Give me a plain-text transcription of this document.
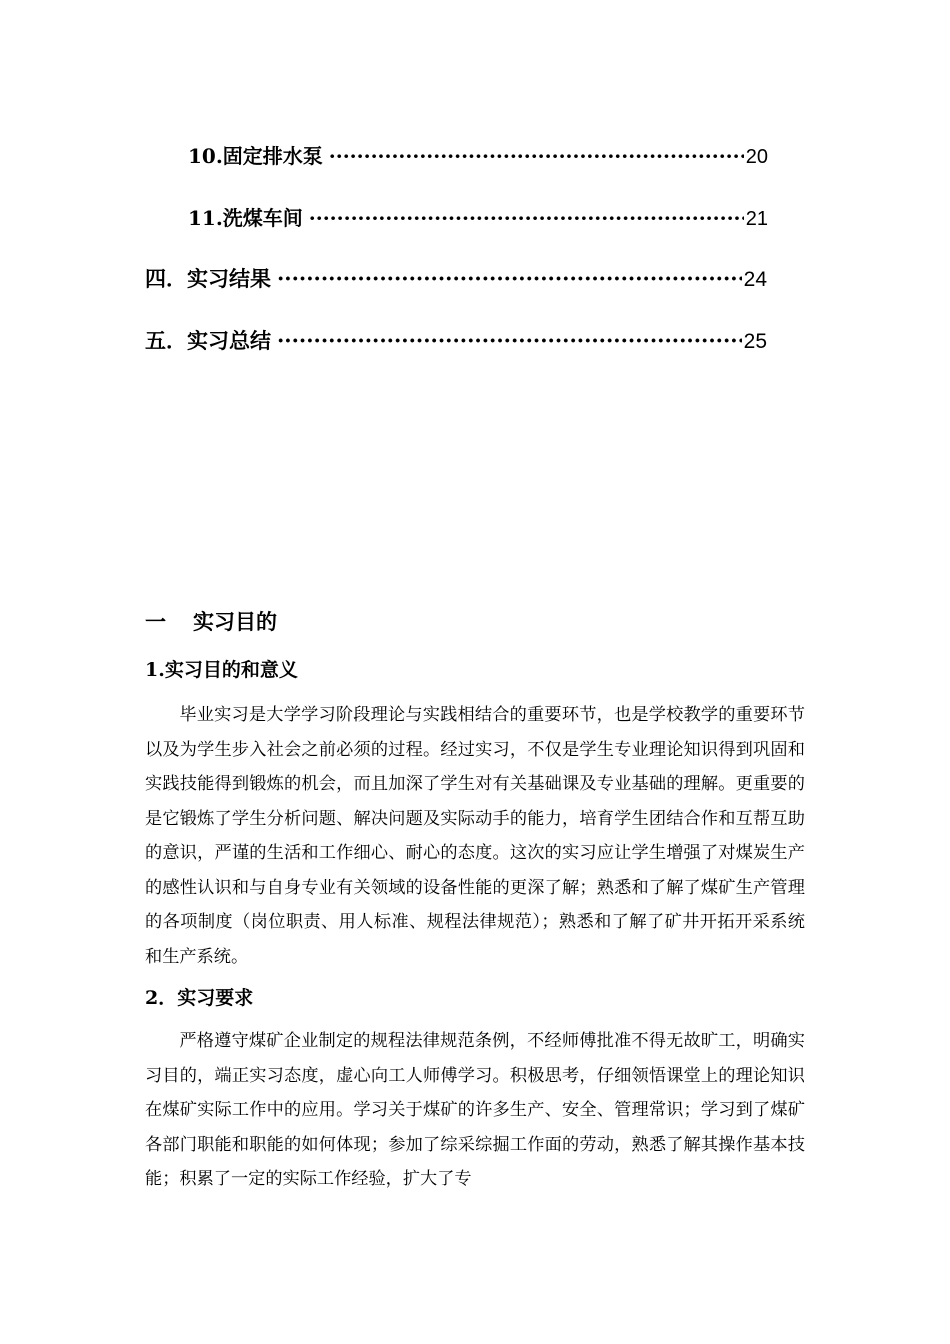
10.固定排水泵 ·····	20
11.洗煤车间 ·····	21
四．实习结果 ·····	24
五．实习总结 ·····	25
一 实习目的
1.实习目的和意义

毕业实习是大学学习阶段理论与实践相结合的重要环节，也是学校教学的重要环节以及为学生步入社会之前必须的过程。经过实习，不仅是学生专业理论知识得到巩固和实践技能得到锻炼的机会，而且加深了学生对有关基础课及专业基础的理解。更重要的是它锻炼了学生分析问题、解决问题及实际动手的能力，培育学生团结合作和互帮互助的意识，严谨的生活和工作细心、耐心的态度。这次的实习应让学生增强了对煤炭生产的感性认识和与自身专业有关领域的设备性能的更深了解；熟悉和了解了煤矿生产管理的各项制度（岗位职责、用人标准、规程法律规范）；熟悉和了解了矿井开拓开采系统和生产系统。

2．实习要求

严格遵守煤矿企业制定的规程法律规范条例，不经师傅批准不得无故旷工，明确实习目的，端正实习态度，虚心向工人师傅学习。积极思考，仔细领悟课堂上的理论知识在煤矿实际工作中的应用。学习关于煤矿的许多生产、安全、管理常识；学习到了煤矿各部门职能和职能的如何体现；参加了综采综掘工作面的劳动，熟悉了解其操作基本技能；积累了一定的实际工作经验，扩大了专
